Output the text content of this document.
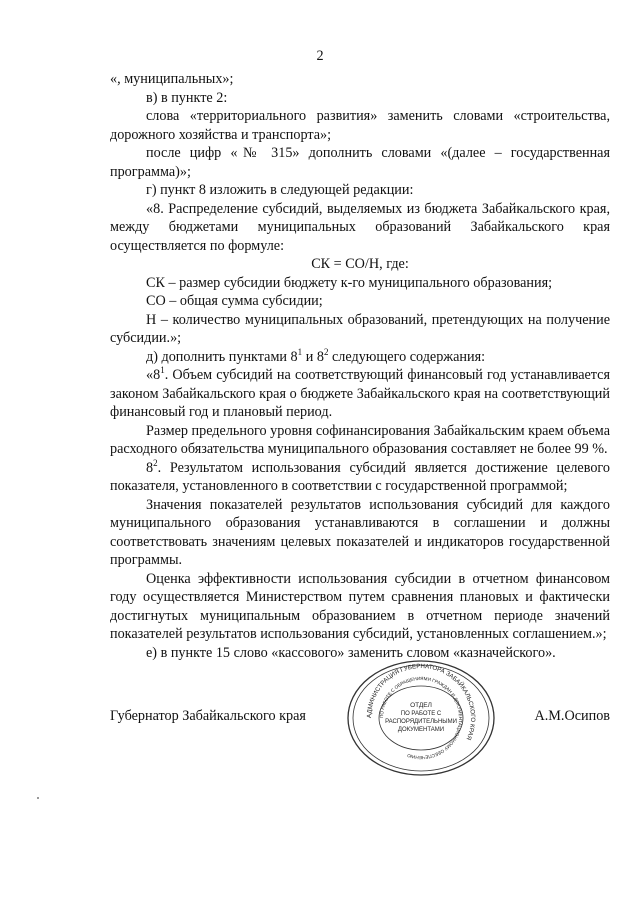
2

«, муниципальных»;

в) в пункте 2:

слова «территориального развития» заменить словами «строительства, дорожного хозяйства и транспорта»;

после цифр «№ 315» дополнить словами «(далее – государственная программа)»;

г) пункт 8 изложить в следующей редакции:

«8. Распределение субсидий, выделяемых из бюджета Забайкальского края, между бюджетами муниципальных образований Забайкальского края осуществляется по формуле:

СК = СО/Н, где:

СК – размер субсидии бюджету к-го муниципального образования;

СО – общая сумма субсидии;

Н – количество муниципальных образований, претендующих на получение субсидии.»;

д) дополнить пунктами $8^1$ и $8^2$ следующего содержания:

«$8^1$. Объем субсидий на соответствующий финансовый год устанавливается законом Забайкальского края о бюджете Забайкальского края на соответствующий финансовый год и плановый период.

Размер предельного уровня софинансирования Забайкальским краем объема расходного обязательства муниципального образования составляет не более 99 %.

$8^2$. Результатом использования субсидий является достижение целевого показателя, установленного в соответствии с государственной программой;

Значения показателей результатов использования субсидий для каждого муниципального образования устанавливаются в соглашении и должны соответствовать значениям целевых показателей и индикаторов государственной программы.

Оценка эффективности использования субсидии в отчетном финансовом году осуществляется Министерством путем сравнения плановых и фактически достигнутых муниципальным образованием в отчетном периоде значений показателей результатов использования субсидий, установленных соглашением.»;

е) в пункте 15 слово «кассового» заменить словом «казначейского».

Губернатор Забайкальского края	А.М.Осипов
АДМИНИСТРАЦИЯ ГУБЕРНАТОРА ЗАБАЙКАЛЬСКОГО КРАЯ
ПО РАБОТЕ С ОБРАЩЕНИЯМИ ГРАЖДАН И ДОКУМЕНТАЦИОННОМУ ОБЕСПЕЧЕНИЮ
ОТДЕЛ
ПО РАБОТЕ С
РАСПОРЯДИТЕЛЬНЫМИ
ДОКУМЕНТАМИ
